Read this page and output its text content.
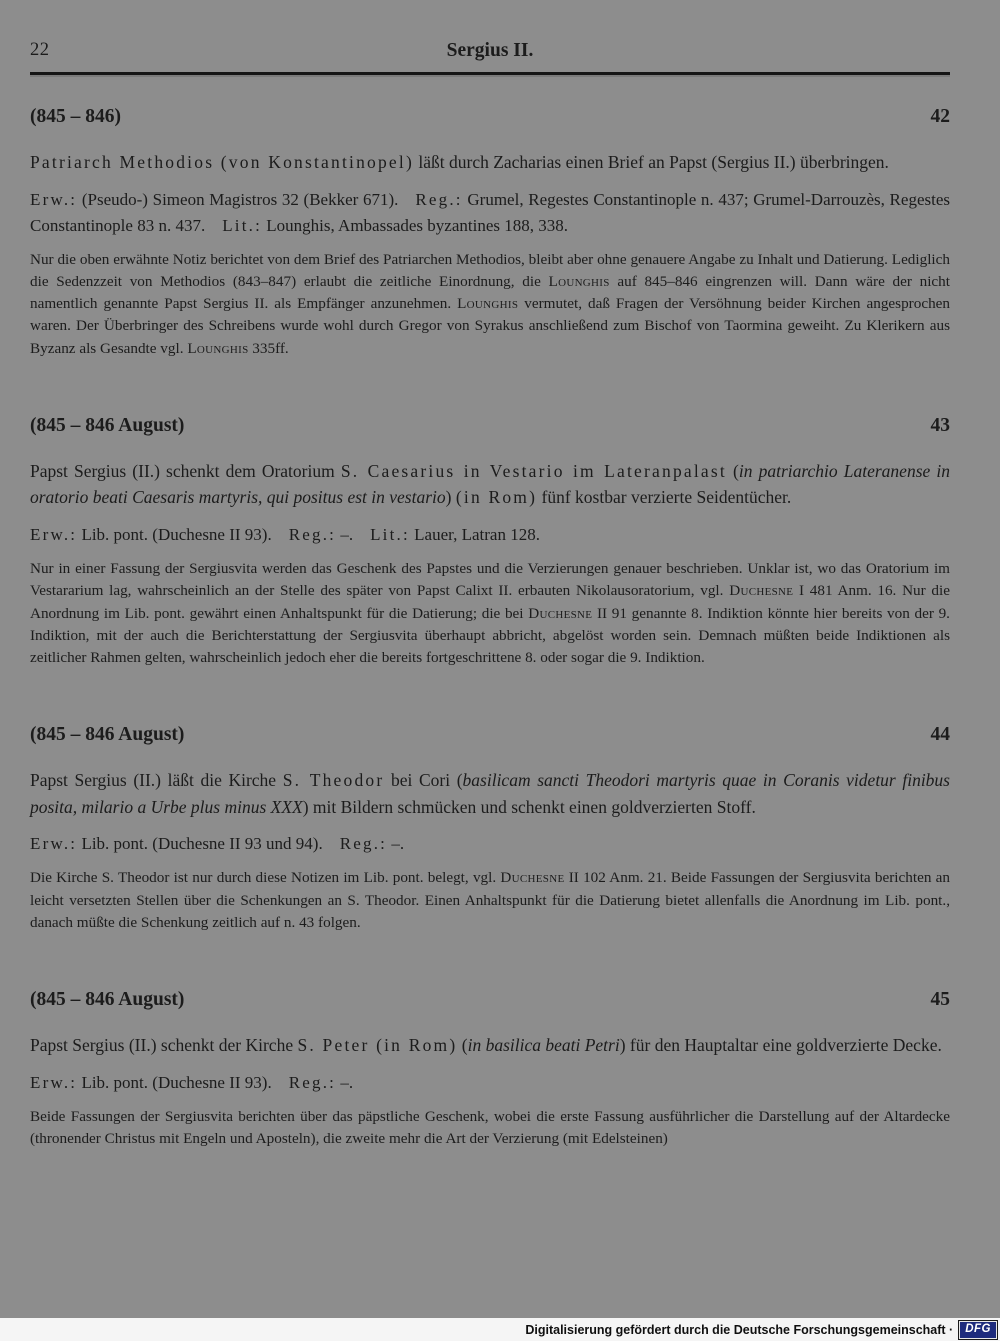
22	Sergius II.
(845 – 846)	42

Patriarch Methodios (von Konstantinopel) läßt durch Zacharias einen Brief an Papst (Sergius II.) überbringen.

Erw.: (Pseudo-) Simeon Magistros 32 (Bekker 671).  Reg.: Grumel, Regestes Constantinople n. 437; Grumel-Darrouzès, Regestes Constantinople 83 n. 437.  Lit.: Lounghis, Ambassades byzantines 188, 338.

Nur die oben erwähnte Notiz berichtet von dem Brief des Patriarchen Methodios, bleibt aber ohne genauere Angabe zu Inhalt und Datierung. Lediglich die Sedenzzeit von Methodios (843–847) erlaubt die zeitliche Einordnung, die Lounghis auf 845–846 eingrenzen will. Dann wäre der nicht namentlich genannte Papst Sergius II. als Empfänger anzunehmen. Lounghis vermutet, daß Fragen der Versöhnung beider Kirchen angesprochen waren. Der Überbringer des Schreibens wurde wohl durch Gregor von Syrakus anschließend zum Bischof von Taormina geweiht. Zu Klerikern aus Byzanz als Gesandte vgl. Lounghis 335ff.

(845 – 846 August)	43

Papst Sergius (II.) schenkt dem Oratorium S. Caesarius in Vestario im Lateranpalast (in patriarchio Lateranense in oratorio beati Caesaris martyris, qui positus est in vestario) (in Rom) fünf kostbar verzierte Seidentücher.

Erw.: Lib. pont. (Duchesne II 93).  Reg.: –.  Lit.: Lauer, Latran 128.

Nur in einer Fassung der Sergiusvita werden das Geschenk des Papstes und die Verzierungen genauer beschrieben. Unklar ist, wo das Oratorium im Vestararium lag, wahrscheinlich an der Stelle des später von Papst Calixt II. erbauten Nikolausoratorium, vgl. Duchesne I 481 Anm. 16. Nur die Anordnung im Lib. pont. gewährt einen Anhaltspunkt für die Datierung; die bei Duchesne II 91 genannte 8. Indiktion könnte hier bereits von der 9. Indiktion, mit der auch die Berichterstattung der Sergiusvita überhaupt abbricht, abgelöst worden sein. Demnach müßten beide Indiktionen als zeitlicher Rahmen gelten, wahrscheinlich jedoch eher die bereits fortgeschrittene 8. oder sogar die 9. Indiktion.

(845 – 846 August)	44

Papst Sergius (II.) läßt die Kirche S. Theodor bei Cori (basilicam sancti Theodori martyris quae in Coranis videtur finibus posita, milario a Urbe plus minus XXX) mit Bildern schmücken und schenkt einen goldverzierten Stoff.

Erw.: Lib. pont. (Duchesne II 93 und 94).  Reg.: –.

Die Kirche S. Theodor ist nur durch diese Notizen im Lib. pont. belegt, vgl. Duchesne II 102 Anm. 21. Beide Fassungen der Sergiusvita berichten an leicht versetzten Stellen über die Schenkungen an S. Theodor. Einen Anhaltspunkt für die Datierung bietet allenfalls die Anordnung im Lib. pont., danach müßte die Schenkung zeitlich auf n. 43 folgen.

(845 – 846 August)	45

Papst Sergius (II.) schenkt der Kirche S. Peter (in Rom) (in basilica beati Petri) für den Hauptaltar eine goldverzierte Decke.

Erw.: Lib. pont. (Duchesne II 93).  Reg.: –.

Beide Fassungen der Sergiusvita berichten über das päpstliche Geschenk, wobei die erste Fassung ausführlicher die Darstellung auf der Altardecke (thronender Christus mit Engeln und Aposteln), die zweite mehr die Art der Verzierung (mit Edelsteinen)

Digitalisierung gefördert durch die Deutsche Forschungsgemeinschaft ·	DFG
